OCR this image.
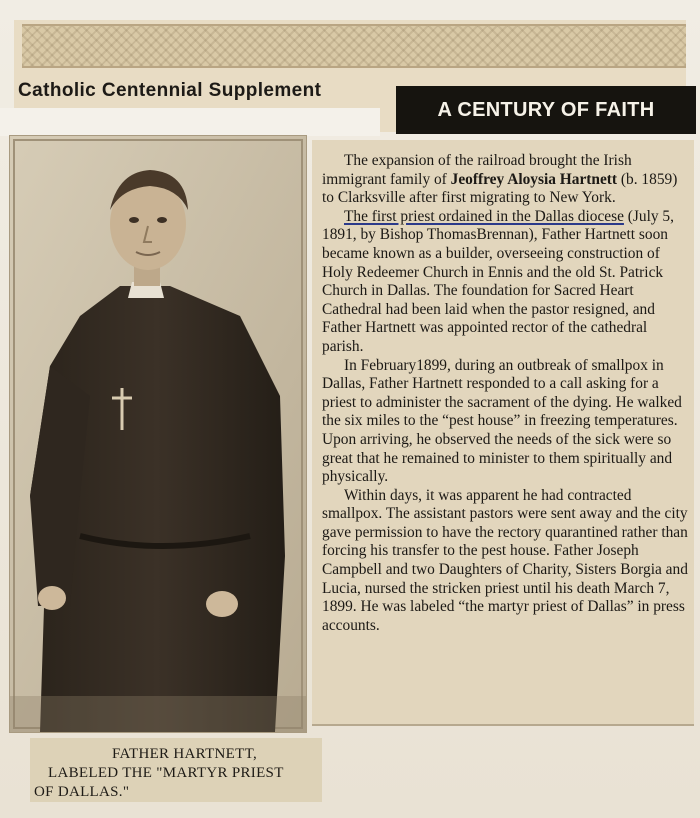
Catholic Centennial Supplement
A CENTURY OF FAITH
FATHER HARTNETT,
LABELED THE "MARTYR PRIEST
OF DALLAS."

The expansion of the railroad brought the Irish immigrant family of Jeoffrey Aloysia Hartnett (b. 1859) to Clarksville after first migrating to New York.

The first priest ordained in the Dallas diocese (July 5, 1891, by Bishop ThomasBrennan), Father Hartnett soon became known as a builder, overseeing construction of Holy Redeemer Church in Ennis and the old St. Patrick Church in Dallas. The foundation for Sacred Heart Cathedral had been laid when the pastor resigned, and Father Hartnett was appointed rector of the cathedral parish.

In February1899, during an outbreak of smallpox in Dallas, Father Hartnett responded to a call asking for a priest to administer the sacrament of the dying. He walked the six miles to the “pest house” in freezing temperatures. Upon arriving, he observed the needs of the sick were so great that he remained to minister to them spiritually and physically.

Within days, it was apparent he had contracted smallpox. The assistant pastors were sent away and the city gave permission to have the rectory quarantined rather than forcing his transfer to the pest house. Father Joseph Campbell and two Daughters of Charity, Sisters Borgia and Lucia, nursed the stricken priest until his death March 7, 1899. He was labeled “the martyr priest of Dallas” in press accounts.
